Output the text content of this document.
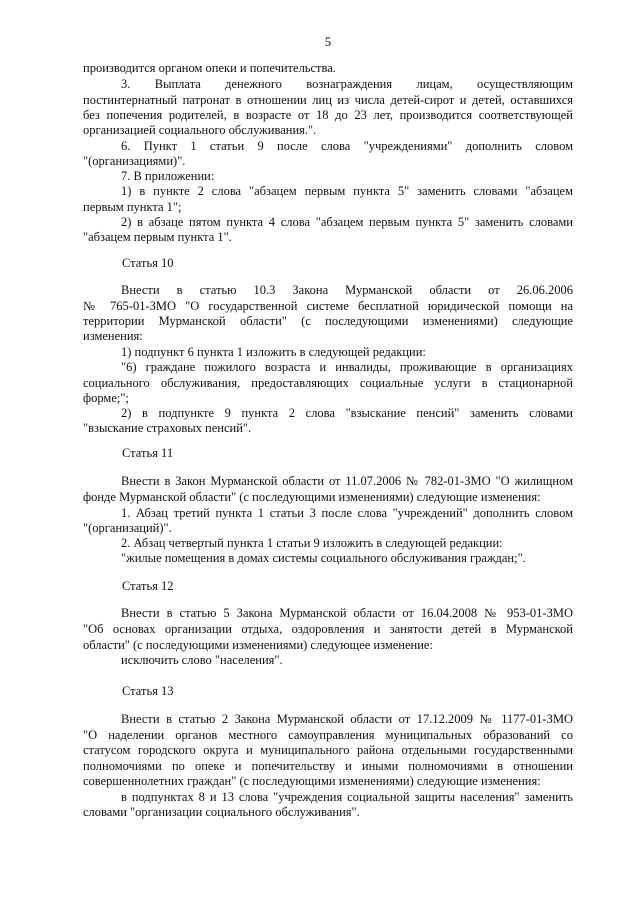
5
производится органом опеки и попечительства.
3. Выплата денежного вознаграждения лицам, осуществляющим
постинтернатный патронат в отношении лиц из числа детей-сирот и детей, оставшихся
без попечения родителей, в возрасте от 18 до 23 лет, производится соответствующей
организацией социального обслуживания.".
6. Пункт 1 статьи 9 после слова "учреждениями" дополнить словом
"(организациями)".
7. В приложении:
1) в пункте 2 слова "абзацем первым пункта 5" заменить словами "абзацем
первым пункта 1";
2) в абзаце пятом пункта 4 слова "абзацем первым пункта 5" заменить словами
"абзацем первым пункта 1".
Статья 10
Внести в статью 10.3 Закона Мурманской области от 26.06.2006
№ 765-01-ЗМО "О государственной системе бесплатной юридической помощи на
территории Мурманской области" (с последующими изменениями) следующие
изменения:
1) подпункт 6 пункта 1 изложить в следующей редакции:
"6) граждане пожилого возраста и инвалиды, проживающие в организациях
социального обслуживания, предоставляющих социальные услуги в стационарной
форме;";
2) в подпункте 9 пункта 2 слова "взыскание пенсий" заменить словами
"взыскание страховых пенсий".
Статья 11
Внести в Закон Мурманской области от 11.07.2006 № 782-01-ЗМО "О жилищном
фонде Мурманской области" (с последующими изменениями) следующие изменения:
1. Абзац третий пункта 1 статьи 3 после слова "учреждений" дополнить словом
"(организаций)".
2. Абзац четвертый пункта 1 статьи 9 изложить в следующей редакции:
"жилые помещения в домах системы социального обслуживания граждан;".
Статья 12
Внести в статью 5 Закона Мурманской области от 16.04.2008 № 953-01-ЗМО
"Об основах организации отдыха, оздоровления и занятости детей в Мурманской
области" (с последующими изменениями) следующее изменение:
исключить слово "населения".
Статья 13
Внести в статью 2 Закона Мурманской области от 17.12.2009 № 1177-01-ЗМО
"О наделении органов местного самоуправления муниципальных образований со
статусом городского округа и муниципального района отдельными государственными
полномочиями по опеке и попечительству и иными полномочиями в отношении
совершеннолетних граждан" (с последующими изменениями) следующие изменения:
в подпунктах 8 и 13 слова "учреждения социальной защиты населения" заменить
словами "организации социального обслуживания".
